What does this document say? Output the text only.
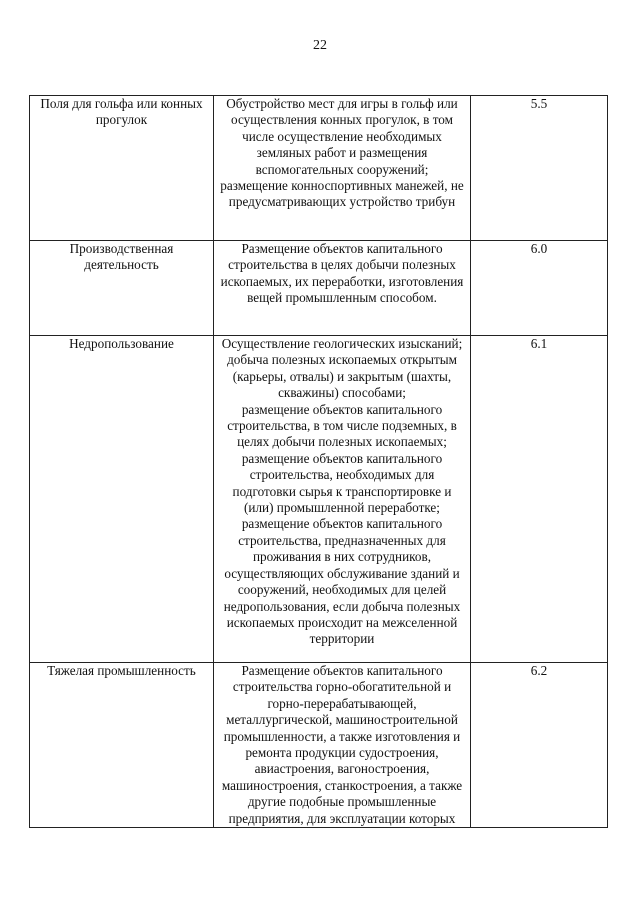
22
Поля для гольфа или конных прогулок	Обустройство мест для игры в гольф или осуществления конных прогулок, в том числе осуществление необходимых земляных работ и размещения вспомогательных сооружений;
размещение конноспортивных манежей, не предусматривающих устройство трибун	5.5

Производственная деятельность	Размещение объектов капитального строительства в целях добычи полезных ископаемых, их переработки, изготовления вещей промышленным способом.	6.0

Недропользование	Осуществление геологических изысканий;
добыча полезных ископаемых открытым (карьеры, отвалы) и закрытым (шахты, скважины) способами;
размещение объектов капитального строительства, в том числе подземных, в целях добычи полезных ископаемых;
размещение объектов капитального строительства, необходимых для подготовки сырья к транспортировке и (или) промышленной переработке;
размещение объектов капитального строительства, предназначенных для проживания в них сотрудников, осуществляющих обслуживание зданий и сооружений, необходимых для целей недропользования, если добыча полезных ископаемых происходит на межселенной территории	6.1

Тяжелая промышленность	Размещение объектов капитального строительства горно-обогатительной и горно-перерабатывающей, металлургической, машиностроительной промышленности, а также изготовления и ремонта продукции судостроения, авиастроения, вагоностроения, машиностроения, станкостроения, а также другие подобные промышленные предприятия, для эксплуатации которых	6.2
